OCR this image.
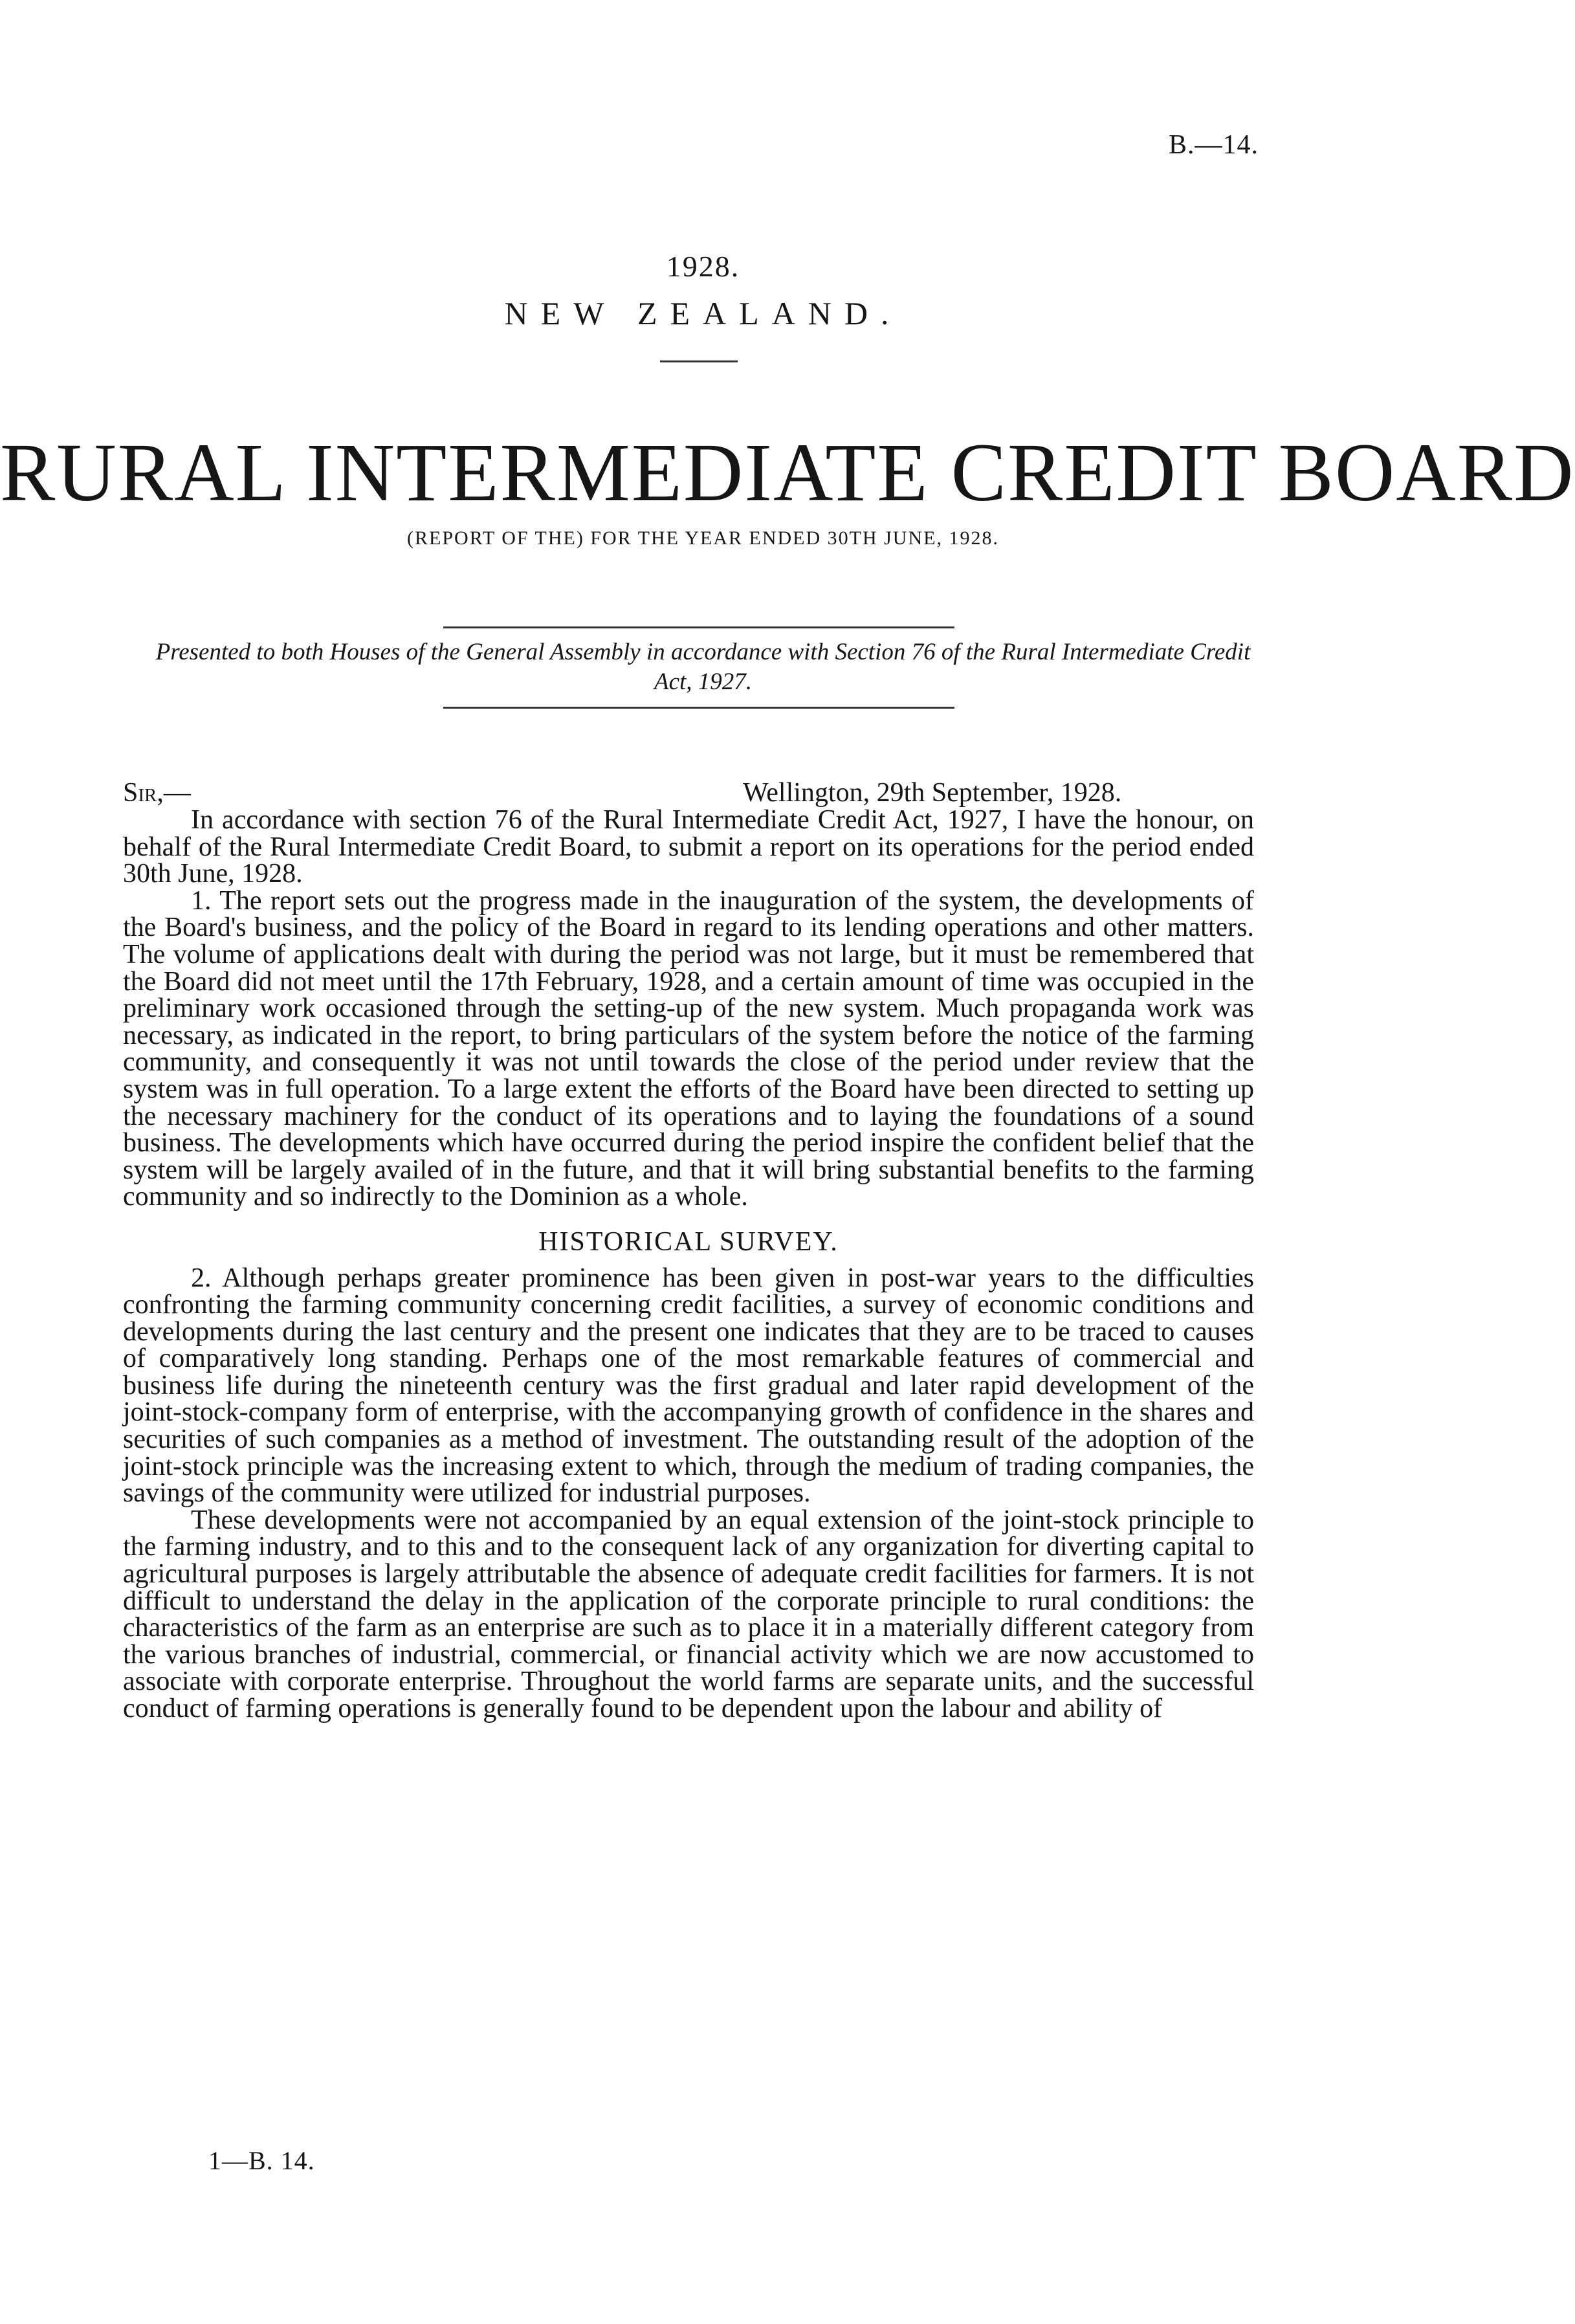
B.—14.
1928.
NEW ZEALAND.
RURAL INTERMEDIATE CREDIT BOARD
(REPORT OF THE) FOR THE YEAR ENDED 30TH JUNE, 1928.
Presented to both Houses of the General Assembly in accordance with Section 76 of the Rural Intermediate Credit Act, 1927.
Sir,—	Wellington, 29th September, 1928.

In accordance with section 76 of the Rural Intermediate Credit Act, 1927, I have the honour, on behalf of the Rural Intermediate Credit Board, to submit a report on its operations for the period ended 30th June, 1928.

1. The report sets out the progress made in the inauguration of the system, the developments of the Board's business, and the policy of the Board in regard to its lending operations and other matters. The volume of applications dealt with during the period was not large, but it must be remembered that the Board did not meet until the 17th February, 1928, and a certain amount of time was occupied in the preliminary work occasioned through the setting-up of the new system. Much propaganda work was necessary, as indicated in the report, to bring particulars of the system before the notice of the farming community, and consequently it was not until towards the close of the period under review that the system was in full operation. To a large extent the efforts of the Board have been directed to setting up the necessary machinery for the conduct of its operations and to laying the foundations of a sound business. The developments which have occurred during the period inspire the confident belief that the system will be largely availed of in the future, and that it will bring substantial benefits to the farming community and so indirectly to the Dominion as a whole.

HISTORICAL SURVEY.

2. Although perhaps greater prominence has been given in post-war years to the difficulties confronting the farming community concerning credit facilities, a survey of economic conditions and developments during the last century and the present one indicates that they are to be traced to causes of comparatively long standing. Perhaps one of the most remarkable features of commercial and business life during the nineteenth century was the first gradual and later rapid development of the joint-stock-company form of enterprise, with the accompanying growth of confidence in the shares and securities of such companies as a method of investment. The outstanding result of the adoption of the joint-stock principle was the increasing extent to which, through the medium of trading companies, the savings of the community were utilized for industrial purposes.

These developments were not accompanied by an equal extension of the joint-stock principle to the farming industry, and to this and to the consequent lack of any organization for diverting capital to agricultural purposes is largely attributable the absence of adequate credit facilities for farmers. It is not difficult to understand the delay in the application of the corporate principle to rural conditions: the characteristics of the farm as an enterprise are such as to place it in a materially different category from the various branches of industrial, commercial, or financial activity which we are now accustomed to associate with corporate enterprise. Throughout the world farms are separate units, and the successful conduct of farming operations is generally found to be dependent upon the labour and ability of

1—B. 14.
